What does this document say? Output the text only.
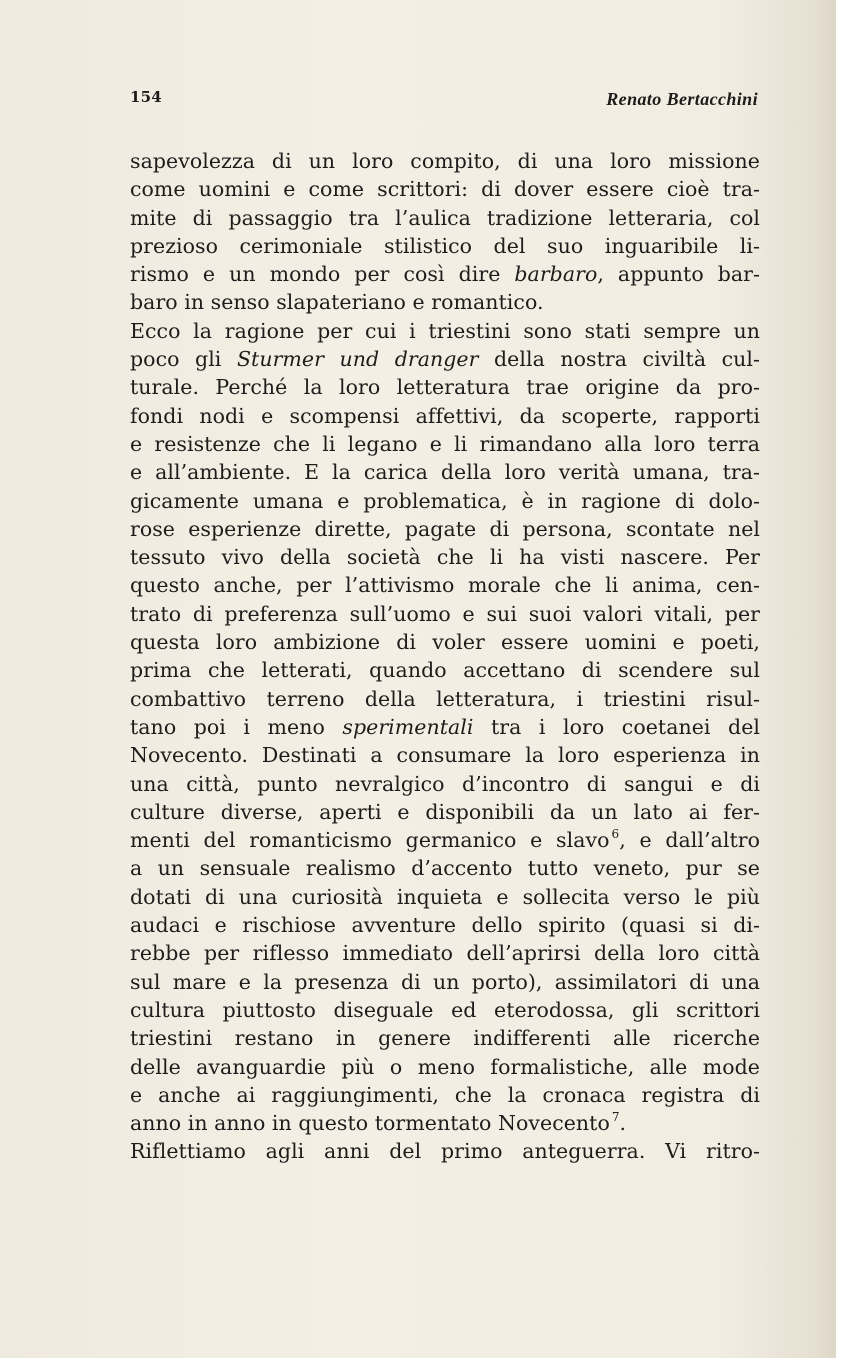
154	Renato Bertacchini
sapevolezza di un loro compito, di una loro missione
come uomini e come scrittori: di dover essere cioè tra-
mite di passaggio tra l’aulica tradizione letteraria, col
prezioso cerimoniale stilistico del suo inguaribile li-
rismo e un mondo per così dire barbaro, appunto bar-
baro in senso slapateriano e romantico.
Ecco la ragione per cui i triestini sono stati sempre un
poco gli Sturmer und dranger della nostra civiltà cul-
turale. Perché la loro letteratura trae origine da pro-
fondi nodi e scompensi affettivi, da scoperte, rapporti
e resistenze che li legano e li rimandano alla loro terra
e all’ambiente. E la carica della loro verità umana, tra-
gicamente umana e problematica, è in ragione di dolo-
rose esperienze dirette, pagate di persona, scontate nel
tessuto vivo della società che li ha visti nascere. Per
questo anche, per l’attivismo morale che li anima, cen-
trato di preferenza sull’uomo e sui suoi valori vitali, per
questa loro ambizione di voler essere uomini e poeti,
prima che letterati, quando accettano di scendere sul
combattivo terreno della letteratura, i triestini risul-
tano poi i meno sperimentali tra i loro coetanei del
Novecento. Destinati a consumare la loro esperienza in
una città, punto nevralgico d’incontro di sangui e di
culture diverse, aperti e disponibili da un lato ai fer-
menti del romanticismo germanico e slavo $^6$, e dall’altro
a un sensuale realismo d’accento tutto veneto, pur se
dotati di una curiosità inquieta e sollecita verso le più
audaci e rischiose avventure dello spirito (quasi si di-
rebbe per riflesso immediato dell’aprirsi della loro città
sul mare e la presenza di un porto), assimilatori di una
cultura piuttosto diseguale ed eterodossa, gli scrittori
triestini restano in genere indifferenti alle ricerche
delle avanguardie più o meno formalistiche, alle mode
e anche ai raggiungimenti, che la cronaca registra di
anno in anno in questo tormentato Novecento $^7$.
Riflettiamo agli anni del primo anteguerra. Vi ritro-
